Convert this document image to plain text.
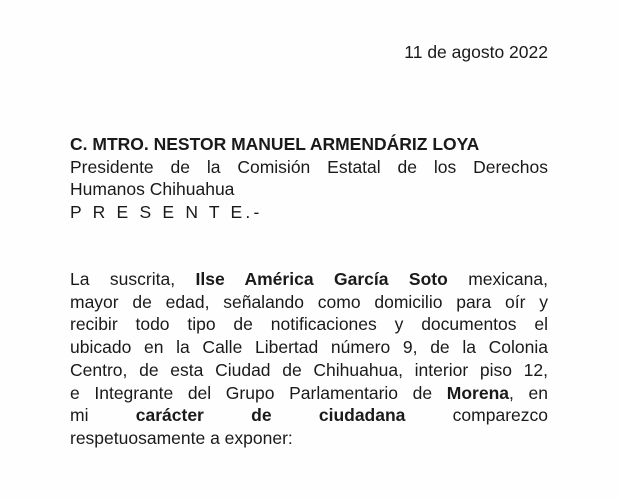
11 de agosto 2022
C. MTRO. NESTOR MANUEL ARMENDÁRIZ LOYA
Presidente de la Comisión Estatal de los Derechos
Humanos Chihuahua
P R E S E N T E.-
La suscrita, Ilse América García Soto mexicana,
mayor de edad, señalando como domicilio para oír y
recibir todo tipo de notificaciones y documentos el
ubicado en la Calle Libertad número 9, de la Colonia
Centro, de esta Ciudad de Chihuahua, interior piso 12,
e Integrante del Grupo Parlamentario de Morena, en
mi carácter de ciudadana comparezco
respetuosamente a exponer:
